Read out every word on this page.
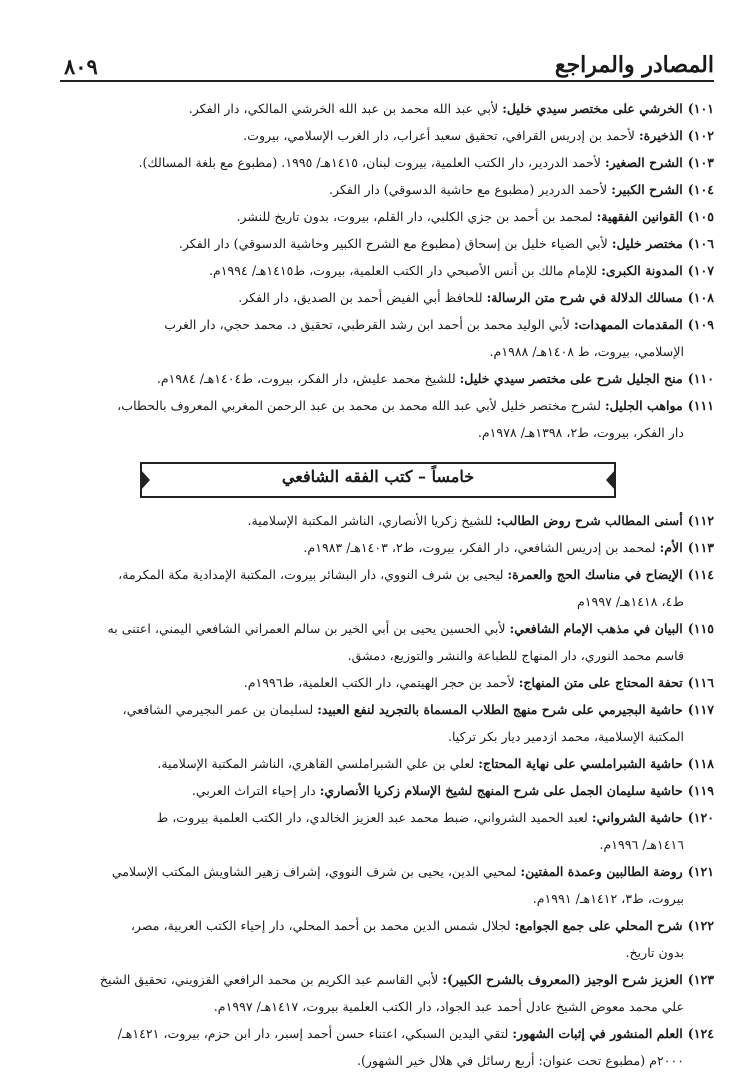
٨٠٩	المصادر والمراجع
١٠١)الخرشي على مختصر سيدي خليل:لأبي عبد الله محمد بن عبد الله الخرشي المالكي، دار الفكر.
١٠٢)الذخيرة:لأحمد بن إدريس القرافي، تحقيق سعيد أعراب، دار الغرب الإسلامي، بيروت.
١٠٣)الشرح الصغير:لأحمد الدردير، دار الكتب العلمية، بيروت لبنان، ١٤١٥هـ/ ١٩٩٥. (مطبوع مع بلغة المسالك).
١٠٤)الشرح الكبير:لأحمد الدردير (مطبوع مع حاشية الدسوقي) دار الفكر.
١٠٥)القوانين الفقهية:لمحمد بن أحمد بن جزي الكلبي، دار القلم، بيروت، بدون تاريخ للنشر.
١٠٦)مختصر خليل:لأبي الضياء خليل بن إسحاق (مطبوع مع الشرح الكبير وحاشية الدسوقي) دار الفكر.
١٠٧)المدونة الكبرى:للإمام مالك بن أنس الأصبحي دار الكتب العلمية، بيروت، ط١٤١٥هـ/ ١٩٩٤م.
١٠٨)مسالك الدلالة في شرح متن الرسالة:للحافظ أبي الفيض أحمد بن الصديق، دار الفكر.
١٠٩)المقدمات الممهدات:لأبي الوليد محمد بن أحمد ابن رشد القرطبي، تحقيق د. محمد حجي، دار الغرب
الإسلامي، بيروت، ط ١٤٠٨هـ/ ١٩٨٨م.
١١٠)منح الجليل شرح على مختصر سيدي خليل:للشيخ محمد عليش، دار الفكر، بيروت، ط١٤٠٤هـ/ ١٩٨٤م.
١١١)مواهب الجليل:لشرح مختصر خليل لأبي عبد الله محمد بن محمد بن عبد الرحمن المغربي المعروف بالحطاب،
دار الفكر، بيروت، ط٢، ١٣٩٨هـ/ ١٩٧٨م.
خامساً – كتب الفقه الشافعي
١١٢)أسنى المطالب شرح روض الطالب:للشيخ زكريا الأنصاري، الناشر المكتبة الإسلامية.
١١٣)الأم:لمحمد بن إدريس الشافعي، دار الفكر، بيروت، ط٢، ١٤٠٣هـ/ ١٩٨٣م.
١١٤)الإيضاح في مناسك الحج والعمرة:ليحيى بن شرف النووي، دار البشائر بيروت، المكتبة الإمدادية مكة المكرمة،
ط٤، ١٤١٨هـ/ ١٩٩٧م
١١٥)البيان في مذهب الإمام الشافعي:لأبي الحسين يحيى بن أبي الخير بن سالم العمراني الشافعي اليمني، اعتنى به
قاسم محمد النوري، دار المنهاج للطباعة والنشر والتوزيع، دمشق.
١١٦)تحفة المحتاج على متن المنهاج:لأحمد بن حجر الهيتمي، دار الكتب العلمية، ط١٩٩٦م.
١١٧)حاشية البجيرمي على شرح منهج الطلاب المسماة بالتجريد لنفع العبيد:لسليمان بن عمر البجيرمي الشافعي،
المكتبة الإسلامية، محمد ازدمير ديار بكر تركيا.
١١٨)حاشية الشبراملسي على نهاية المحتاج:لعلي بن علي الشبراملسي القاهري، الناشر المكتبة الإسلامية.
١١٩)حاشية سليمان الجمل على شرح المنهج لشيخ الإسلام زكريا الأنصاري:دار إحياء التراث العربي.
١٢٠)حاشية الشرواني:لعبد الحميد الشرواني، ضبط محمد عبد العزيز الخالدي، دار الكتب العلمية بيروت، ط
١٤١٦هـ/ ١٩٩٦م.
١٢١)روضة الطالبين وعمدة المفتين:لمحيي الدين، يحيى بن شرف النووي، إشراف زهير الشاويش المكتب الإسلامي
بيروت، ط٣، ١٤١٢هـ/ ١٩٩١م.
١٢٢)شرح المحلي على جمع الجوامع:لجلال شمس الدين محمد بن أحمد المحلي، دار إحياء الكتب العربية، مصر،
بدون تاريخ.
١٢٣)العزيز شرح الوجيز (المعروف بالشرح الكبير):لأبي القاسم عبد الكريم بن محمد الرافعي القزويني، تحقيق الشيخ
علي محمد معوض الشيخ عادل أحمد عبد الجواد، دار الكتب العلمية بيروت، ١٤١٧هـ/ ١٩٩٧م.
١٢٤)العلم المنشور في إثبات الشهور:لتقي اليدين السبكي، اعتناء حسن أحمد إسبر، دار ابن حزم، بيروت، ١٤٢١هـ/
٢٠٠٠م (مطبوع تحت عنوان: أربع رسائل في هلال خير الشهور).
